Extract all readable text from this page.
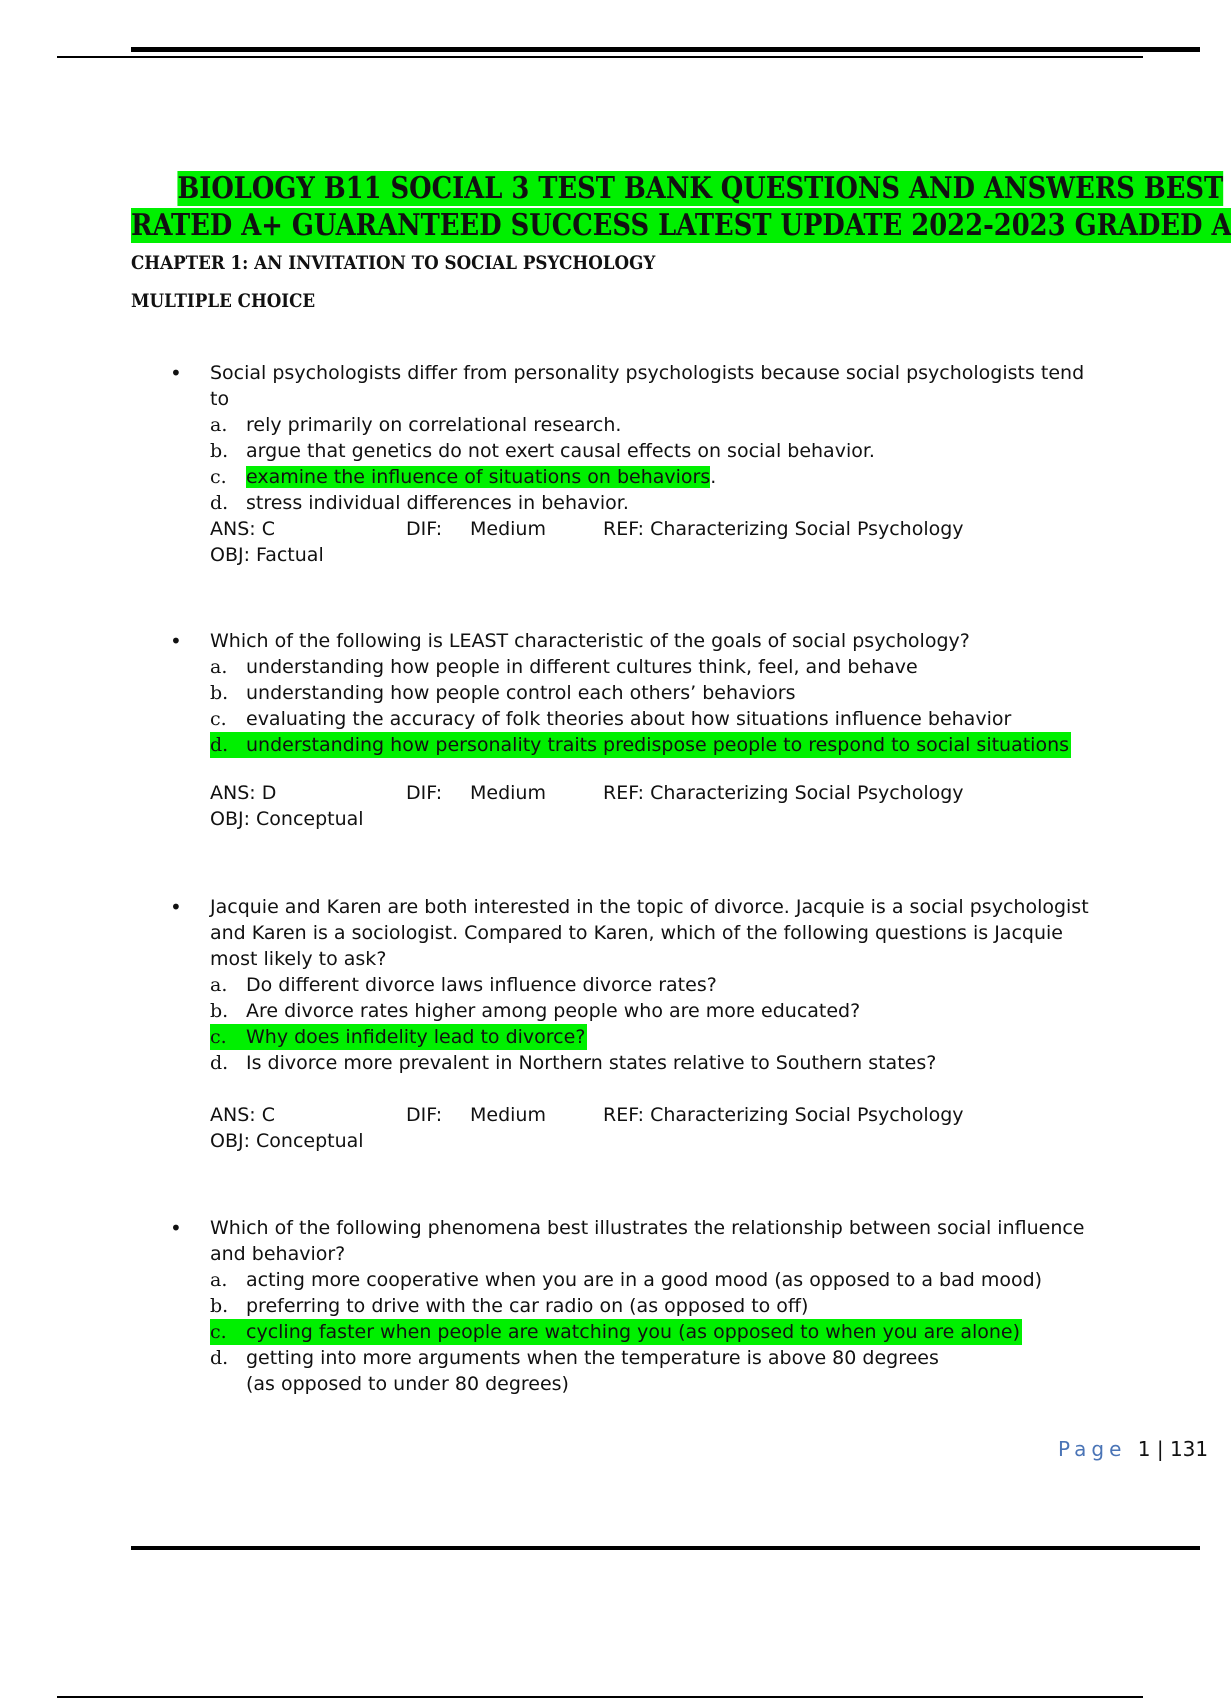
BIOLOGY B11 SOCIAL 3 TEST BANK QUESTIONS AND ANSWERS BEST
RATED A+ GUARANTEED SUCCESS LATEST UPDATE 2022-2023 GRADED A
CHAPTER 1: AN INVITATION TO SOCIAL PSYCHOLOGY
MULTIPLE CHOICE
• Social psychologists differ from personality psychologists because social psychologists tend to
a. rely primarily on correlational research.
b. argue that genetics do not exert causal effects on social behavior.
c. examine the influence of situations on behaviors.
d. stress individual differences in behavior.
ANS: C	DIF: Medium	REF: Characterizing Social Psychology
OBJ: Factual
• Which of the following is LEAST characteristic of the goals of social psychology?
a. understanding how people in different cultures think, feel, and behave
b. understanding how people control each others’ behaviors
c. evaluating the accuracy of folk theories about how situations influence behavior
d. understanding how personality traits predispose people to respond to social situations
ANS: D	DIF: Medium	REF: Characterizing Social Psychology
OBJ: Conceptual
• Jacquie and Karen are both interested in the topic of divorce. Jacquie is a social psychologist and Karen is a sociologist. Compared to Karen, which of the following questions is Jacquie most likely to ask?
a. Do different divorce laws influence divorce rates?
b. Are divorce rates higher among people who are more educated?
c. Why does infidelity lead to divorce?
d. Is divorce more prevalent in Northern states relative to Southern states?
ANS: C	DIF: Medium	REF: Characterizing Social Psychology
OBJ: Conceptual
• Which of the following phenomena best illustrates the relationship between social influence and behavior?
a. acting more cooperative when you are in a good mood (as opposed to a bad mood)
b. preferring to drive with the car radio on (as opposed to off)
c. cycling faster when people are watching you (as opposed to when you are alone)
d. getting into more arguments when the temperature is above 80 degrees (as opposed to under 80 degrees)
Page 1 | 131
